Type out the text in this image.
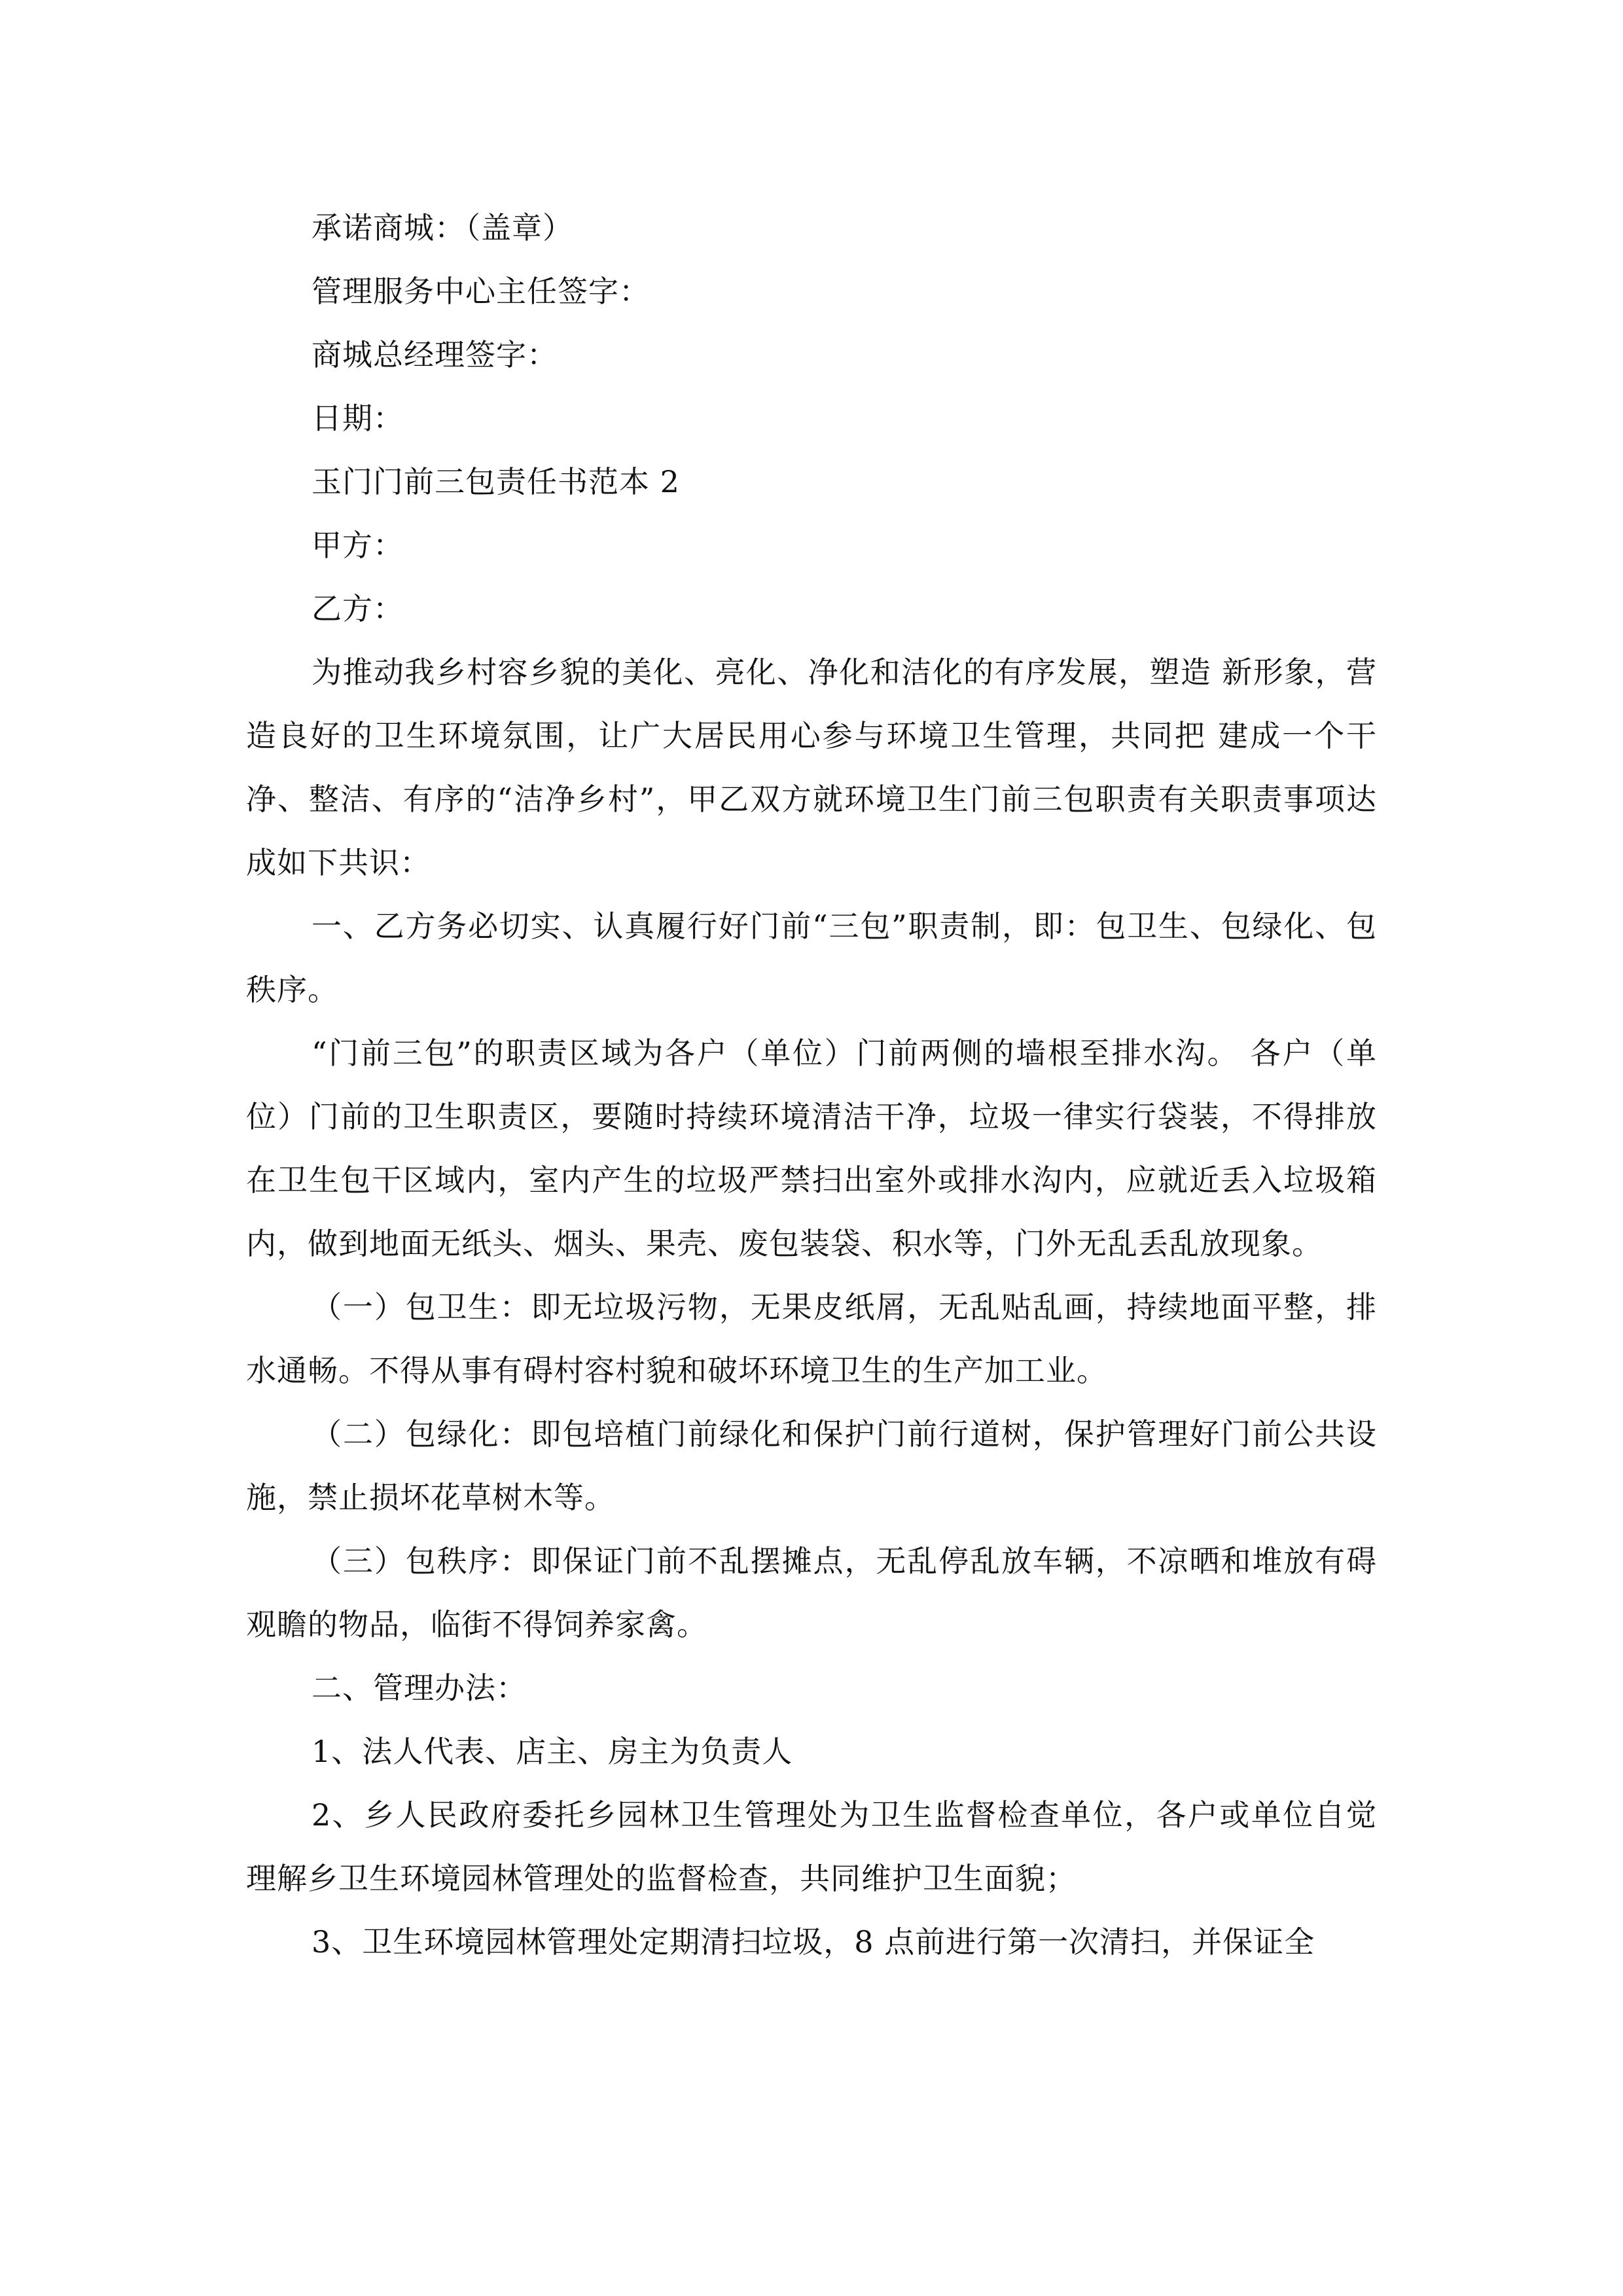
承诺商城：（盖章）

管理服务中心主任签字：

商城总经理签字：

日期：

玉门门前三包责任书范本 2

甲方：

乙方：

为推动我乡村容乡貌的美化、亮化、净化和洁化的有序发展，塑造 新形象，营造良好的卫生环境氛围，让广大居民用心参与环境卫生管理，共同把 建成一个干净、整洁、有序的“洁净乡村”，甲乙双方就环境卫生门前三包职责有关职责事项达成如下共识：

一、乙方务必切实、认真履行好门前“三包”职责制，即：包卫生、包绿化、包秩序。

“门前三包”的职责区域为各户（单位）门前两侧的墙根至排水沟。 各户（单位）门前的卫生职责区，要随时持续环境清洁干净，垃圾一律实行袋装，不得排放在卫生包干区域内，室内产生的垃圾严禁扫出室外或排水沟内，应就近丢入垃圾箱内，做到地面无纸头、烟头、果壳、废包装袋、积水等，门外无乱丢乱放现象。

（一）包卫生：即无垃圾污物，无果皮纸屑，无乱贴乱画，持续地面平整，排水通畅。不得从事有碍村容村貌和破坏环境卫生的生产加工业。

（二）包绿化：即包培植门前绿化和保护门前行道树，保护管理好门前公共设施，禁止损坏花草树木等。

（三）包秩序：即保证门前不乱摆摊点，无乱停乱放车辆，不凉晒和堆放有碍观瞻的物品，临街不得饲养家禽。

二、管理办法：

1、法人代表、店主、房主为负责人

2、乡人民政府委托乡园林卫生管理处为卫生监督检查单位，各户或单位自觉理解乡卫生环境园林管理处的监督检查，共同维护卫生面貌；

3、卫生环境园林管理处定期清扫垃圾，8 点前进行第一次清扫，并保证全
